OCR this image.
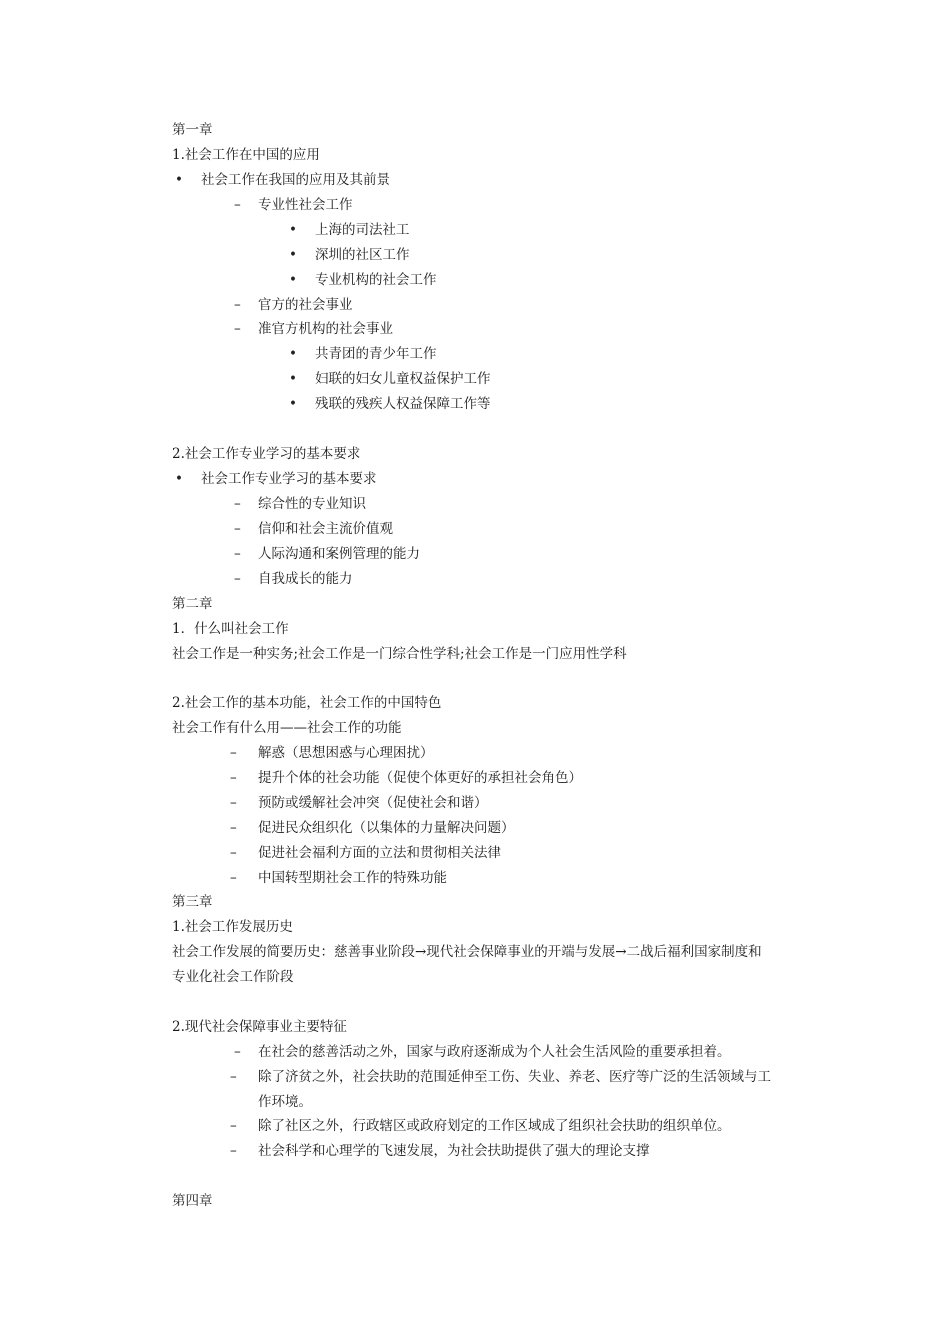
第一章
1.社会工作在中国的应用
• 社会工作在我国的应用及其前景
– 专业性社会工作
• 上海的司法社工
• 深圳的社区工作
• 专业机构的社会工作
– 官方的社会事业
– 准官方机构的社会事业
• 共青团的青少年工作
• 妇联的妇女儿童权益保护工作
• 残联的残疾人权益保障工作等
2.社会工作专业学习的基本要求
• 社会工作专业学习的基本要求
– 综合性的专业知识
– 信仰和社会主流价值观
– 人际沟通和案例管理的能力
– 自我成长的能力
第二章
1．什么叫社会工作
社会工作是一种实务;社会工作是一门综合性学科;社会工作是一门应用性学科
2.社会工作的基本功能，社会工作的中国特色
社会工作有什么用——社会工作的功能
– 解惑（思想困惑与心理困扰）
– 提升个体的社会功能（促使个体更好的承担社会角色）
– 预防或缓解社会冲突（促使社会和谐）
– 促进民众组织化（以集体的力量解决问题）
– 促进社会福利方面的立法和贯彻相关法律
– 中国转型期社会工作的特殊功能
第三章
1.社会工作发展历史
社会工作发展的简要历史：慈善事业阶段→现代社会保障事业的开端与发展→二战后福利国家制度和
专业化社会工作阶段
2.现代社会保障事业主要特征
– 在社会的慈善活动之外，国家与政府逐渐成为个人社会生活风险的重要承担着。
– 除了济贫之外，社会扶助的范围延伸至工伤、失业、养老、医疗等广泛的生活领域与工
作环境。
– 除了社区之外，行政辖区或政府划定的工作区域成了组织社会扶助的组织单位。
– 社会科学和心理学的飞速发展，为社会扶助提供了强大的理论支撑
第四章
